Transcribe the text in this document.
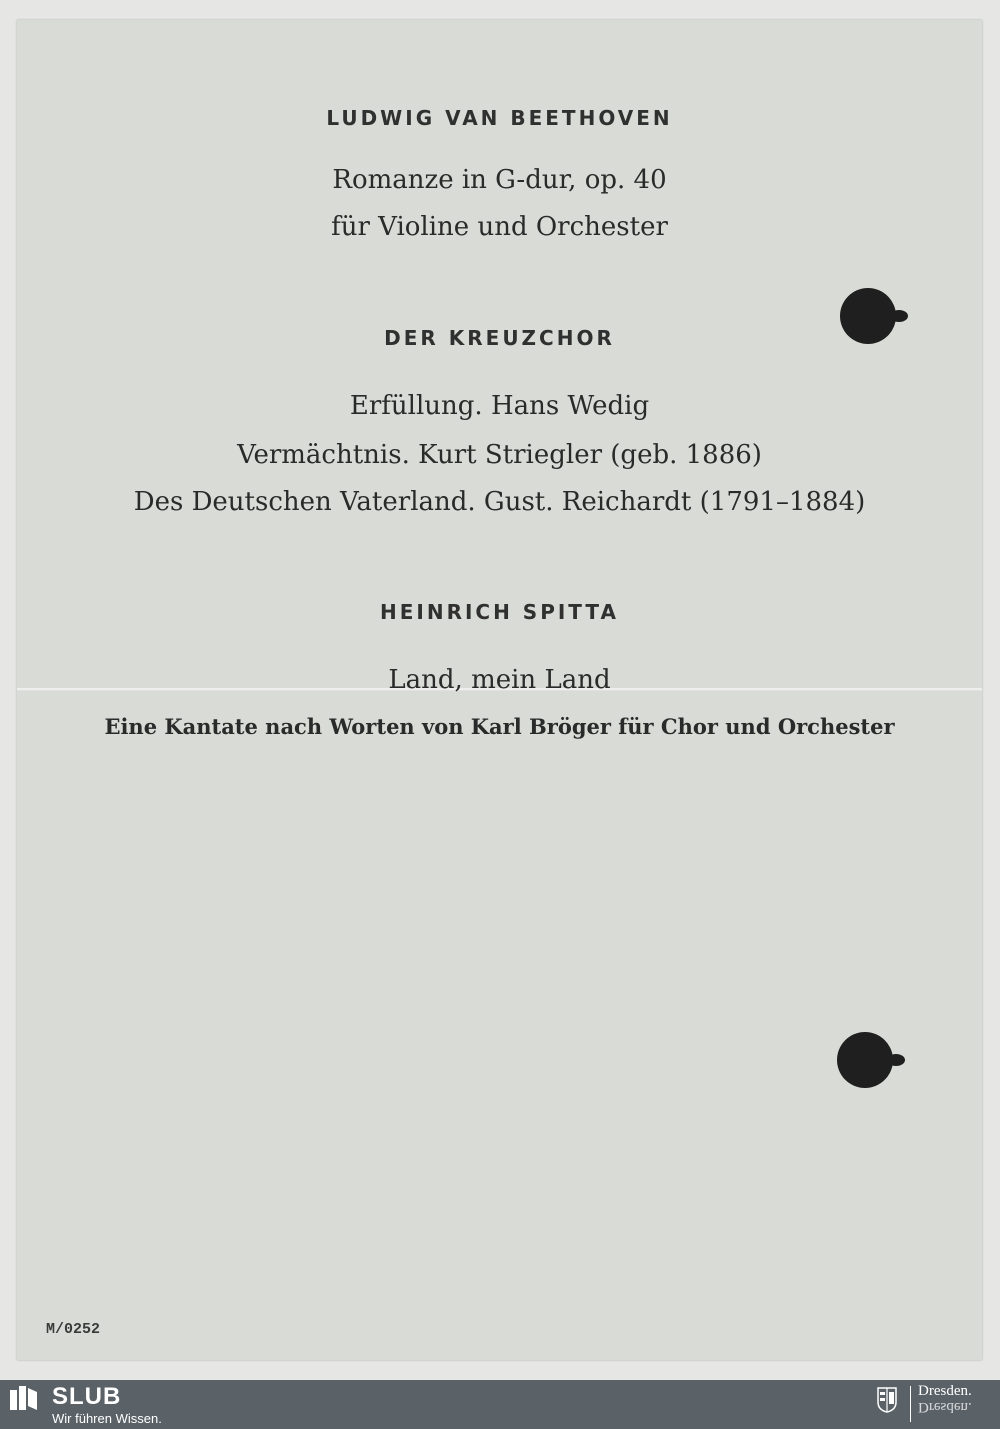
LUDWIG VAN BEETHOVEN
Romanze in G-dur, op. 40
für Violine und Orchester
DER KREUZCHOR
Erfüllung. Hans Wedig
Vermächtnis. Kurt Striegler (geb. 1886)
Des Deutschen Vaterland. Gust. Reichardt (1791–1884)
HEINRICH SPITTA
Land, mein Land
Eine Kantate nach Worten von Karl Bröger für Chor und Orchester
M/0252
SLUB
Wir führen Wissen.
Dresden.
Dresden.
